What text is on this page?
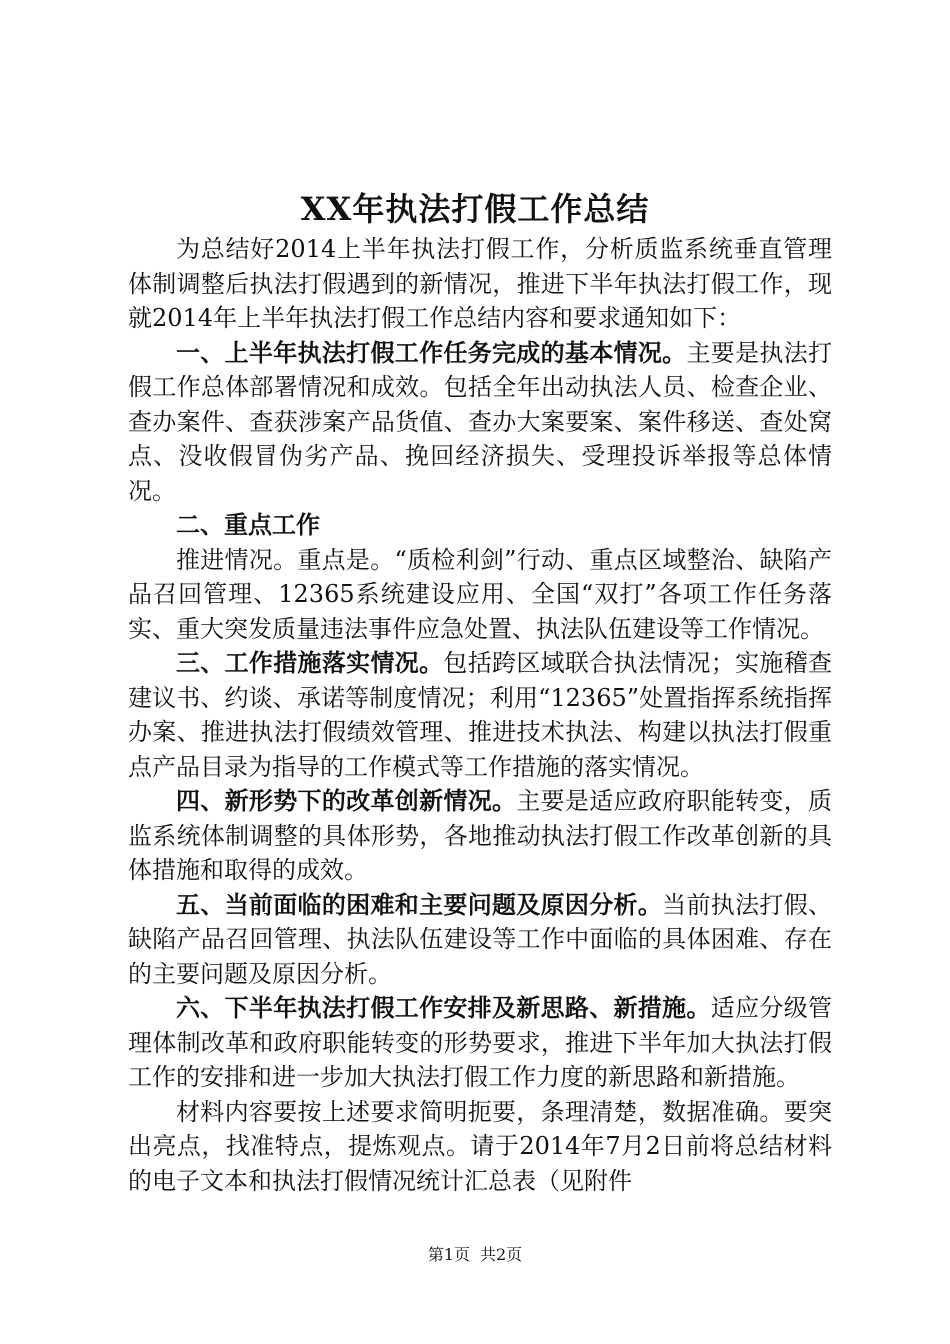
XX年执法打假工作总结

为总结好2014上半年执法打假工作，分析质监系统垂直管理体制调整后执法打假遇到的新情况，推进下半年执法打假工作，现就2014年上半年执法打假工作总结内容和要求通知如下：

一、上半年执法打假工作任务完成的基本情况。主要是执法打假工作总体部署情况和成效。包括全年出动执法人员、检查企业、查办案件、查获涉案产品货值、查办大案要案、案件移送、查处窝点、没收假冒伪劣产品、挽回经济损失、受理投诉举报等总体情况。

二、重点工作

推进情况。重点是。“质检利剑”行动、重点区域整治、缺陷产品召回管理、12365系统建设应用、全国“双打”各项工作任务落实、重大突发质量违法事件应急处置、执法队伍建设等工作情况。

三、工作措施落实情况。包括跨区域联合执法情况；实施稽查建议书、约谈、承诺等制度情况；利用“12365”处置指挥系统指挥办案、推进执法打假绩效管理、推进技术执法、构建以执法打假重点产品目录为指导的工作模式等工作措施的落实情况。

四、新形势下的改革创新情况。主要是适应政府职能转变，质监系统体制调整的具体形势，各地推动执法打假工作改革创新的具体措施和取得的成效。

五、当前面临的困难和主要问题及原因分析。当前执法打假、缺陷产品召回管理、执法队伍建设等工作中面临的具体困难、存在的主要问题及原因分析。

六、下半年执法打假工作安排及新思路、新措施。适应分级管理体制改革和政府职能转变的形势要求，推进下半年加大执法打假工作的安排和进一步加大执法打假工作力度的新思路和新措施。

材料内容要按上述要求简明扼要，条理清楚，数据准确。要突出亮点，找准特点，提炼观点。请于2014年7月2日前将总结材料的电子文本和执法打假情况统计汇总表（见附件

第1页 共2页
